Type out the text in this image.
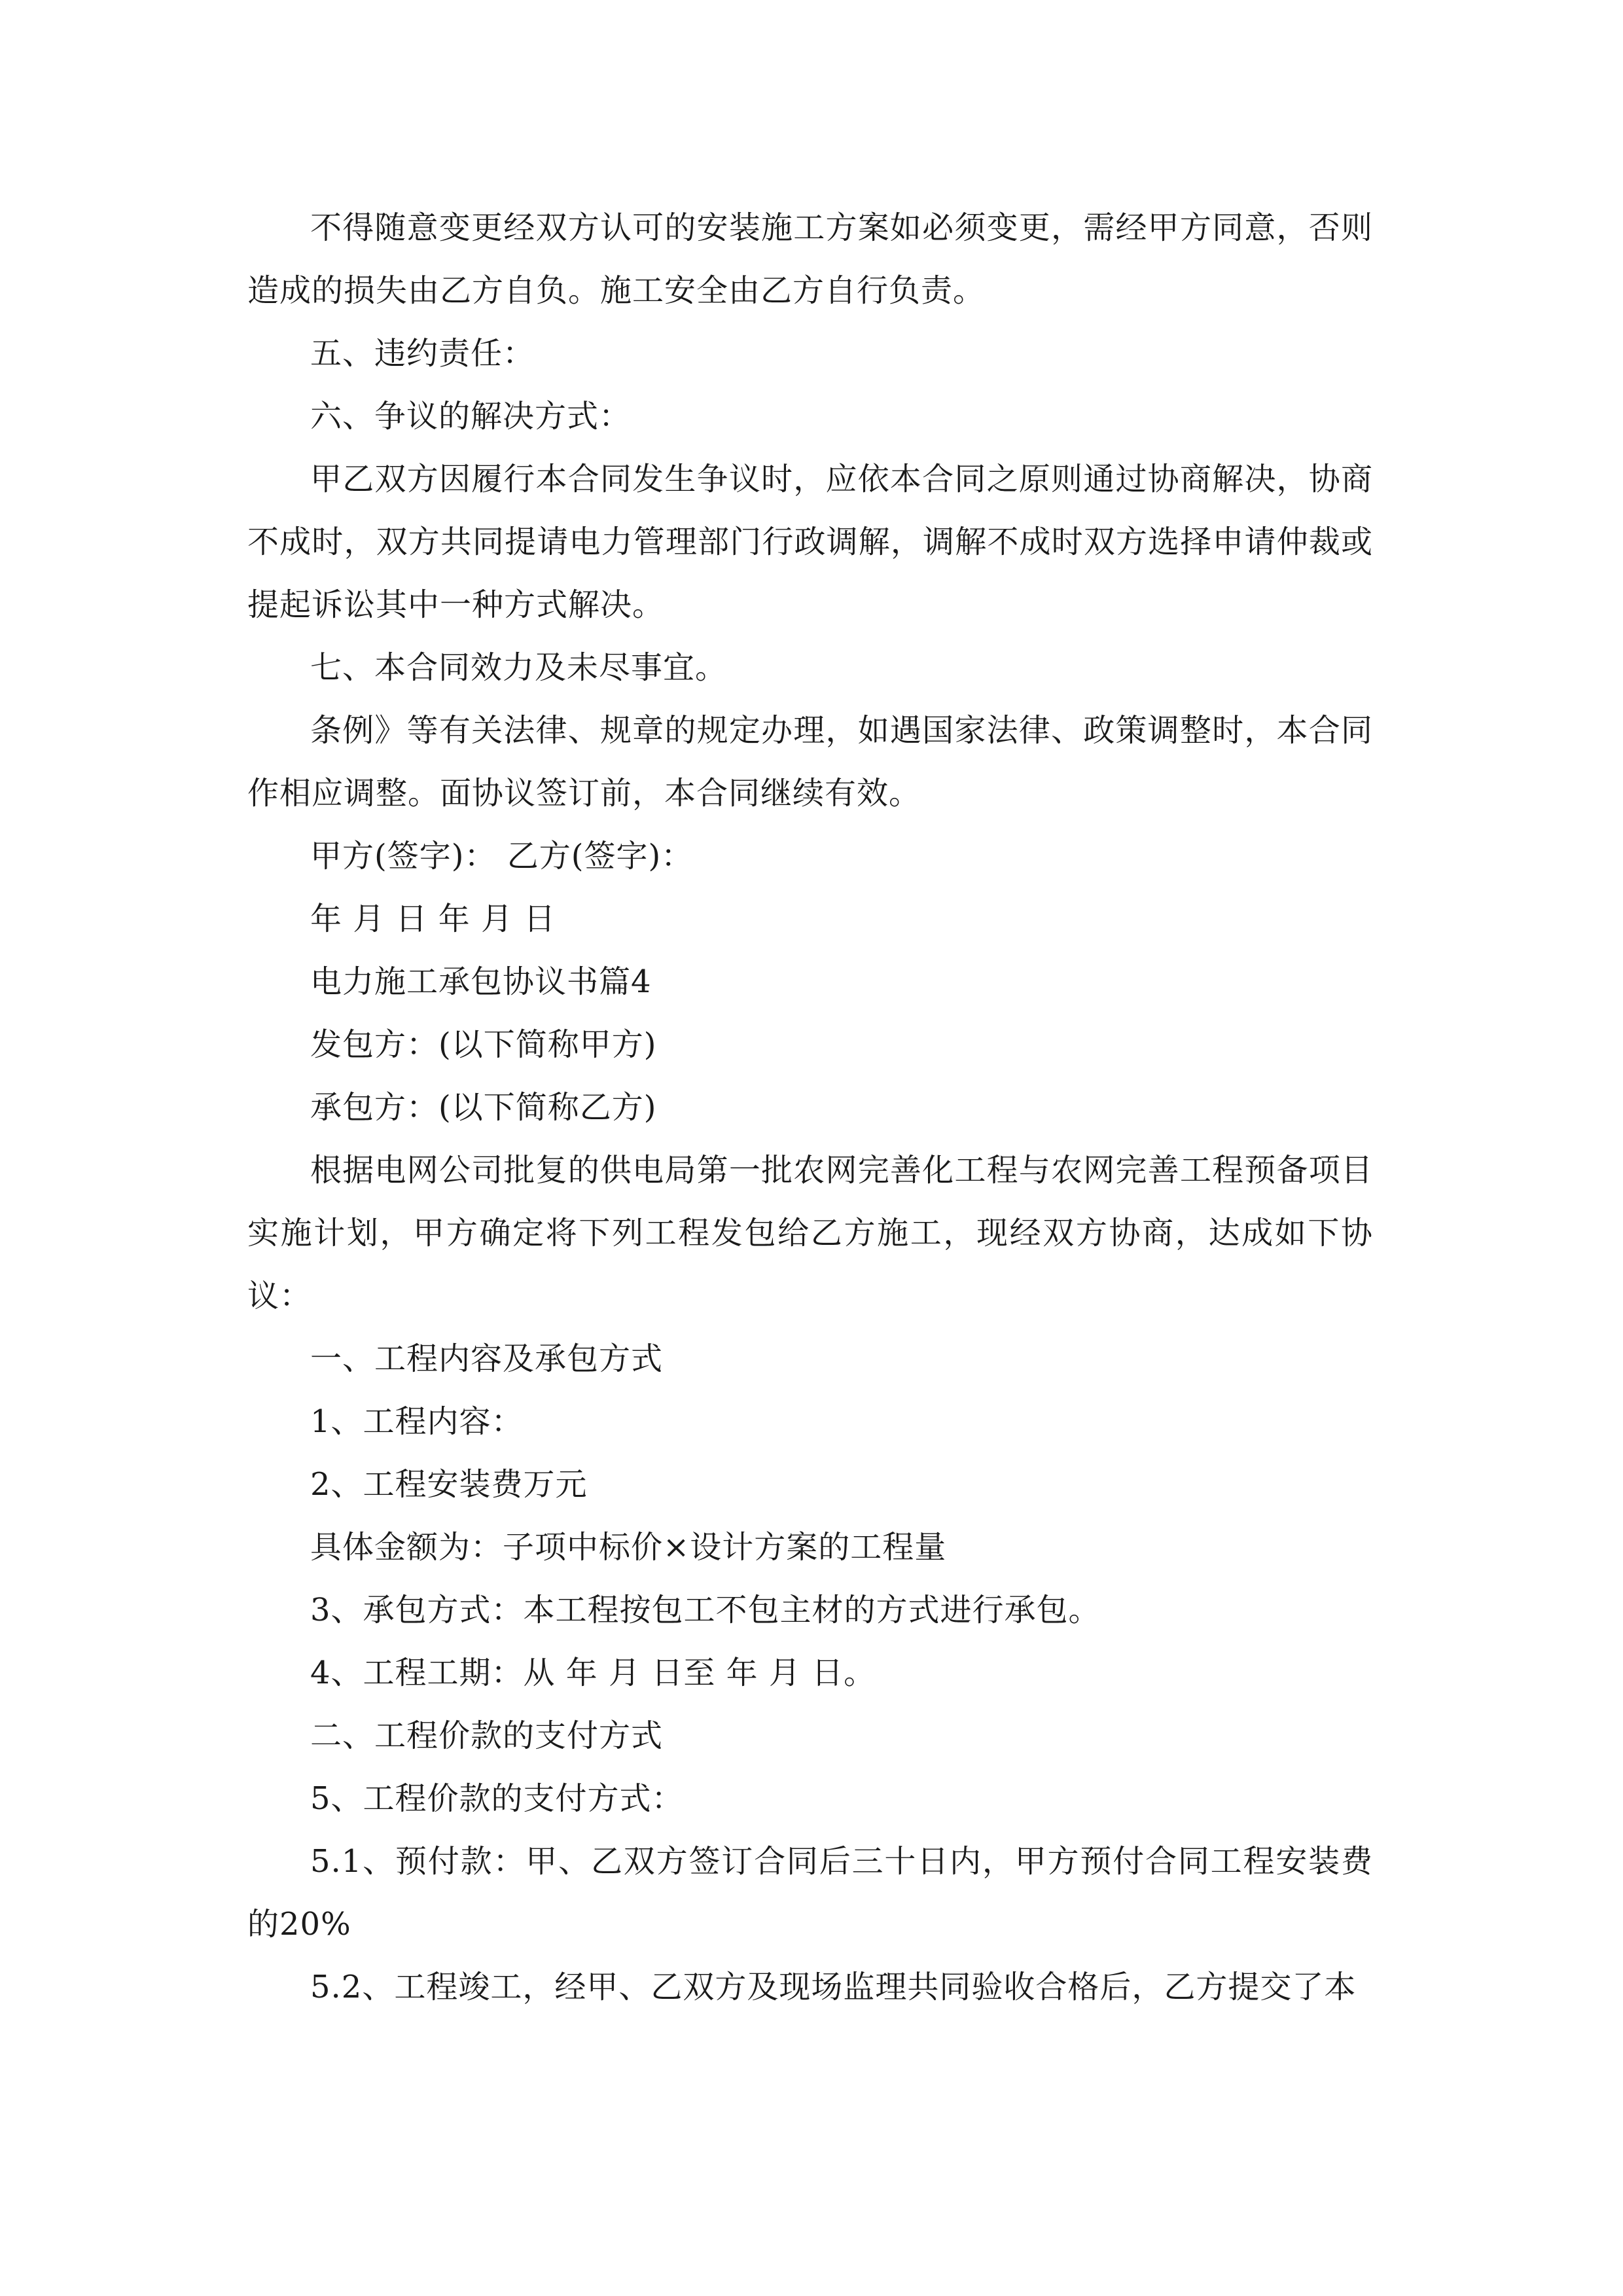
不得随意变更经双方认可的安装施工方案如必须变更，需经甲方同意，否则造成的损失由乙方自负。施工安全由乙方自行负责。

五、违约责任：

六、争议的解决方式：

甲乙双方因履行本合同发生争议时，应依本合同之原则通过协商解决，协商不成时，双方共同提请电力管理部门行政调解，调解不成时双方选择申请仲裁或提起诉讼其中一种方式解决。

七、本合同效力及未尽事宜。

条例》等有关法律、规章的规定办理，如遇国家法律、政策调整时，本合同作相应调整。面协议签订前，本合同继续有效。

甲方(签字)： 乙方(签字)：

年 月 日 年 月 日

电力施工承包协议书篇4

发包方：(以下简称甲方)

承包方：(以下简称乙方)

根据电网公司批复的供电局第一批农网完善化工程与农网完善工程预备项目实施计划，甲方确定将下列工程发包给乙方施工，现经双方协商，达成如下协议：

一、工程内容及承包方式

1、工程内容：

2、工程安装费万元

具体金额为：子项中标价×设计方案的工程量

3、承包方式：本工程按包工不包主材的方式进行承包。

4、工程工期：从 年 月 日至 年 月 日。

二、工程价款的支付方式

5、工程价款的支付方式：

5.1、预付款：甲、乙双方签订合同后三十日内，甲方预付合同工程安装费的20%

5.2、工程竣工，经甲、乙双方及现场监理共同验收合格后，乙方提交了本
